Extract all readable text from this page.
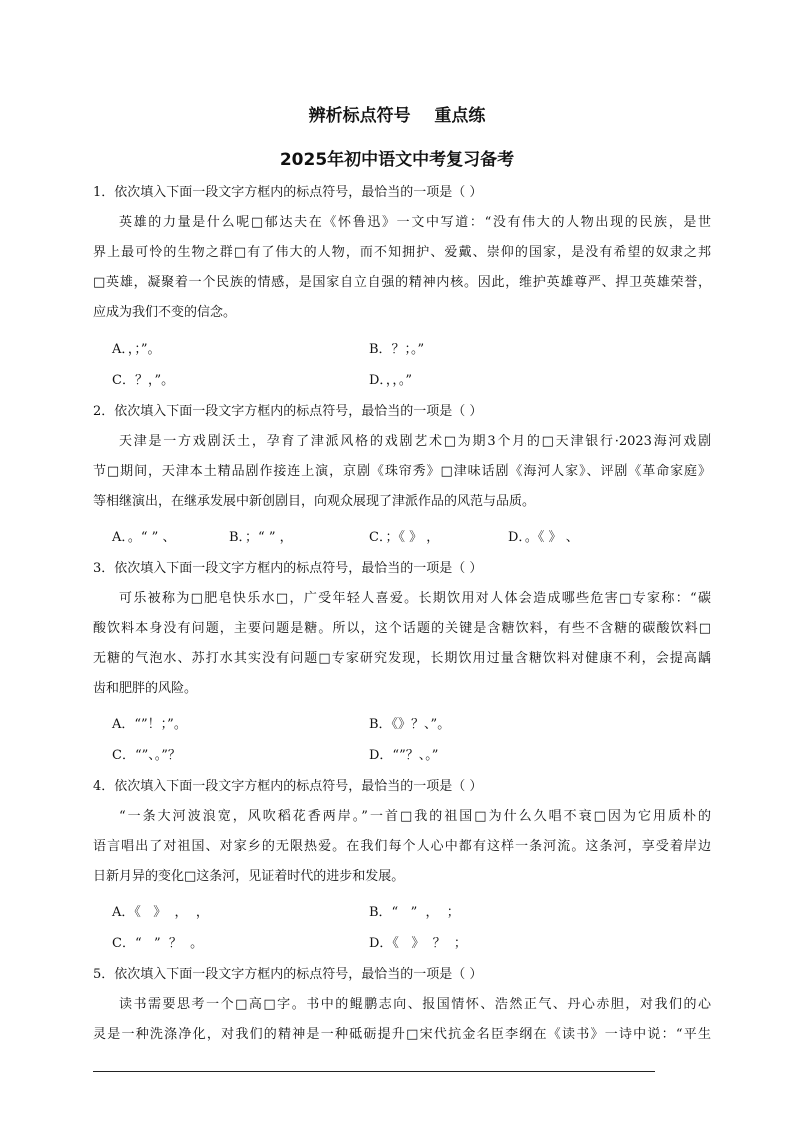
辨析标点符号    重点练
2025年初中语文中考复习备考
1．依次填入下面一段文字方框内的标点符号，最恰当的一项是（ ）
英雄的力量是什么呢□郁达夫在《怀鲁迅》一文中写道：“没有伟大的人物出现的民族，是世
界上最可怜的生物之群□有了伟大的人物，而不知拥护、爱戴、崇仰的国家，是没有希望的奴隶之邦
□英雄，凝聚着一个民族的情感，是国家自立自强的精神内核。因此，维护英雄尊严、捍卫英雄荣誉，
应成为我们不变的信念。
A．，；”。	B．？；。”
C．？，”。	D．，，。”
2．依次填入下面一段文字方框内的标点符号，最恰当的一项是（ ）
天津是一方戏剧沃土，孕育了津派风格的戏剧艺术□为期3个月的□天津银行·2023海河戏剧
节□期间，天津本土精品剧作接连上演，京剧《珠帘秀》□津味话剧《海河人家》、评剧《革命家庭》
等相继演出，在继承发展中新创剧目，向观众展现了津派作品的风范与品质。
A．。“ ” 、	B．；“ ” ，	C．；《 》 ，	D．。《 》 、
3．依次填入下面一段文字方框内的标点符号，最恰当的一项是（ ）
可乐被称为□肥皂快乐水□，广受年轻人喜爱。长期饮用对人体会造成哪些危害□专家称：“碳
酸饮料本身没有问题，主要问题是糖。所以，这个话题的关键是含糖饮料，有些不含糖的碳酸饮料□
无糖的气泡水、苏打水其实没有问题□专家研究发现，长期饮用过量含糖饮料对健康不利，会提高龋
齿和肥胖的风险。
A．“”！；”。	B．《》？、”。
C．“”、。”？	D．“”？、。”
4．依次填入下面一段文字方框内的标点符号，最恰当的一项是（ ）
“一条大河波浪宽，风吹稻花香两岸。”一首□我的祖国□为什么久唱不衰□因为它用质朴的
语言唱出了对祖国、对家乡的无限热爱。在我们每个人心中都有这样一条河流。这条河，享受着岸边
日新月异的变化□这条河，见证着时代的进步和发展。
A．《   》  ，  ，	B．“   ”  ，  ；
C．“   ”  ？  。	D．《   》  ？  ；
5．依次填入下面一段文字方框内的标点符号，最恰当的一项是（ ）
读书需要思考一个□高□字。书中的鲲鹏志向、报国情怀、浩然正气、丹心赤胆，对我们的心
灵是一种洗涤净化，对我们的精神是一种砥砺提升□宋代抗金名臣李纲在《读书》一诗中说：“平生
